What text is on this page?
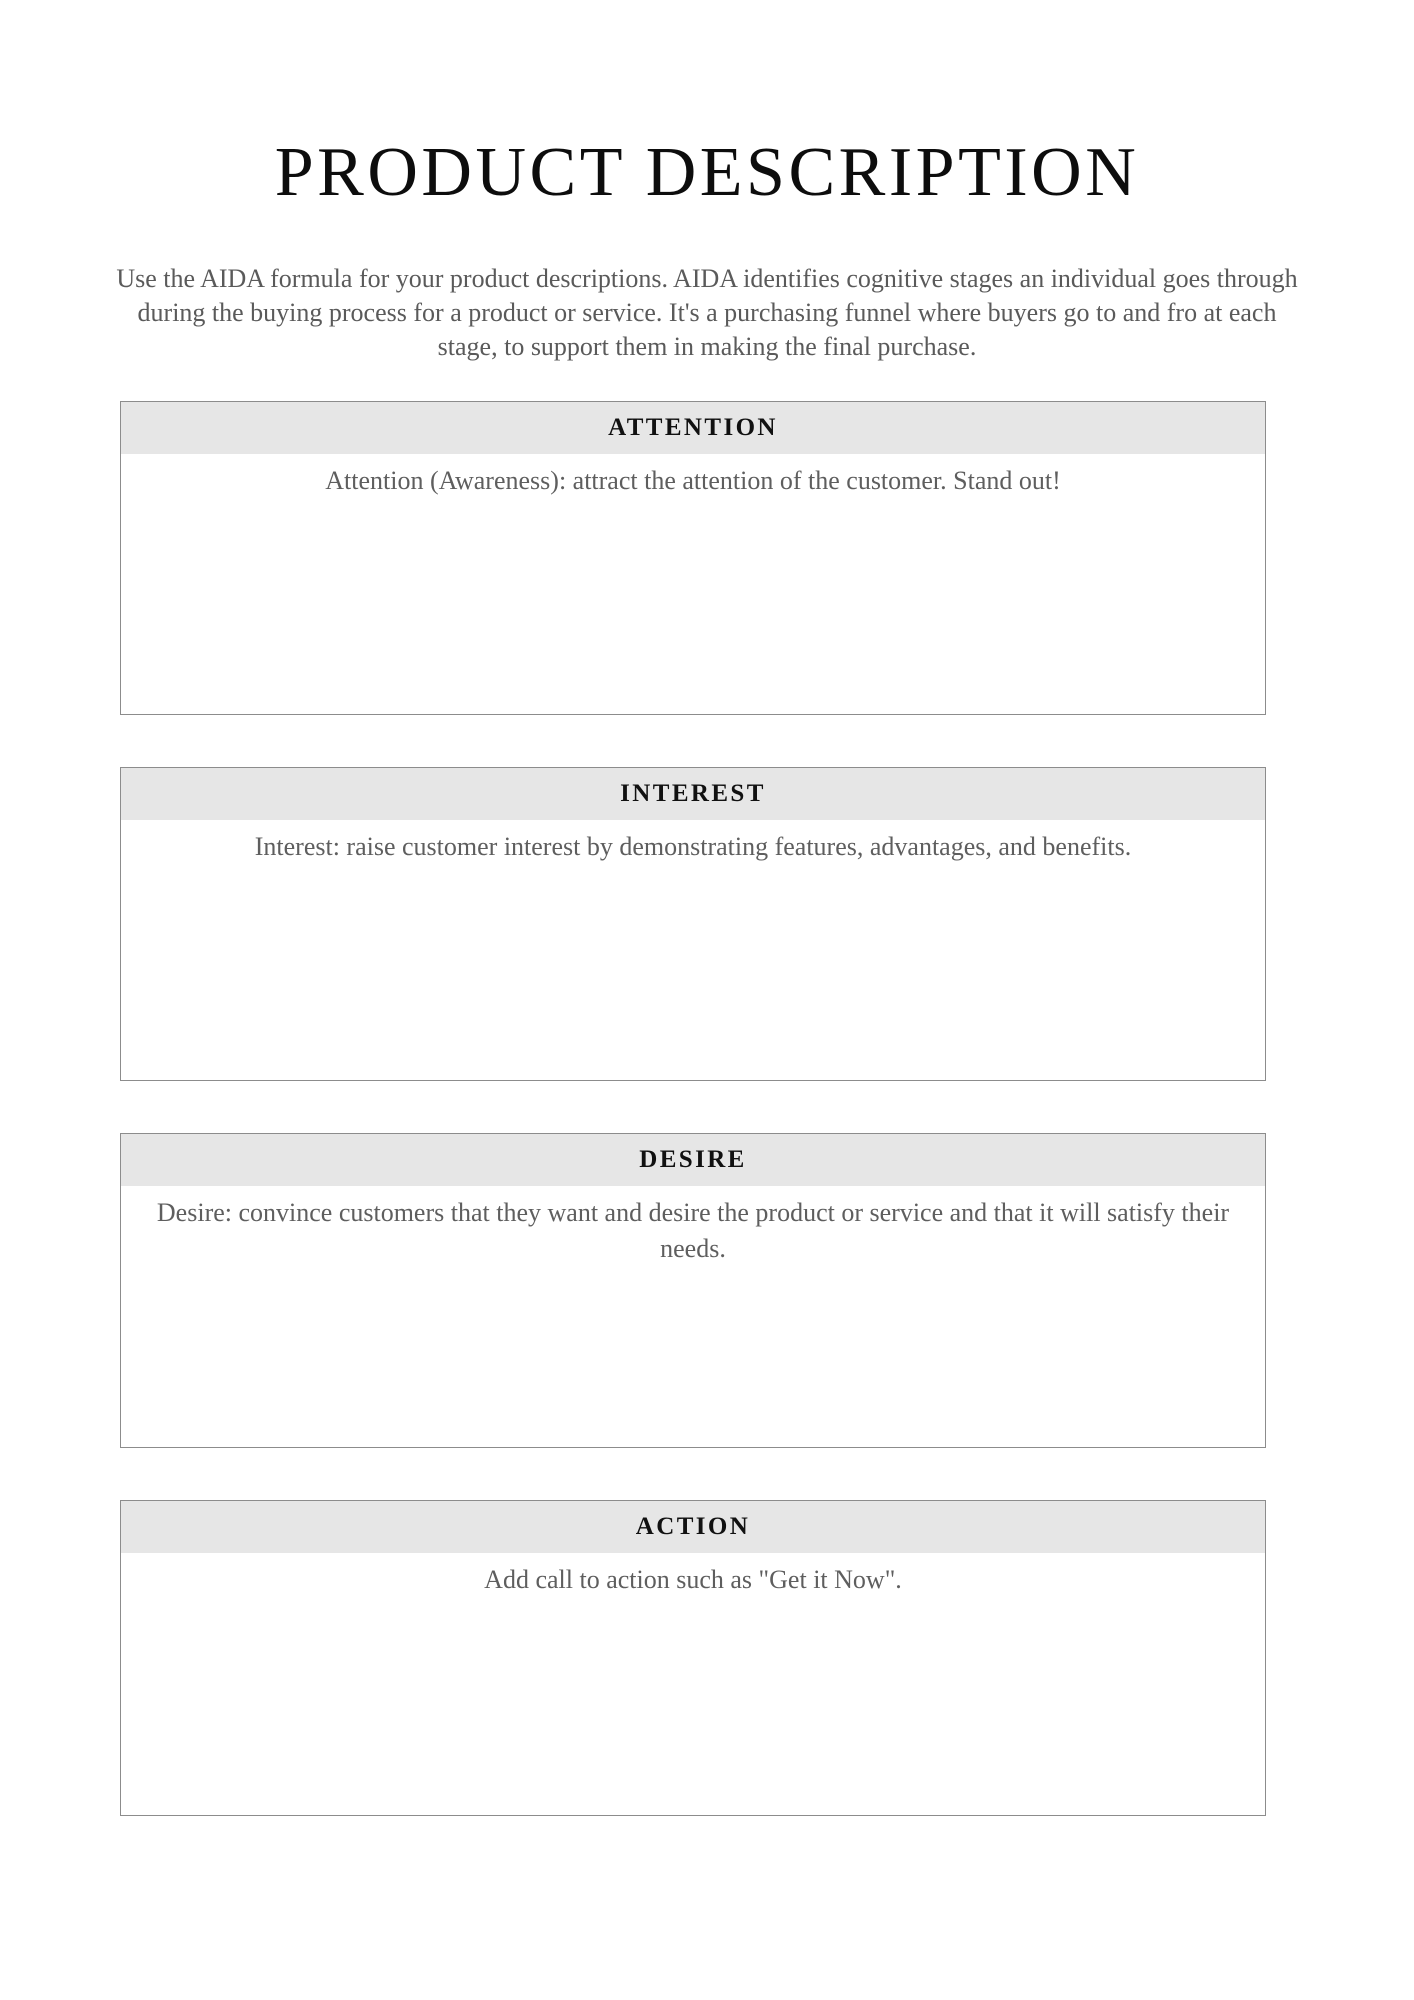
PRODUCT DESCRIPTION

Use the AIDA formula for your product descriptions. AIDA identifies cognitive stages an individual goes through during the buying process for a product or service. It's a purchasing funnel where buyers go to and fro at each stage, to support them in making the final purchase.

ATTENTION
Attention (Awareness): attract the attention of the customer. Stand out!
INTEREST
Interest: raise customer interest by demonstrating features, advantages, and benefits.
DESIRE
Desire: convince customers that they want and desire the product or service and that it will satisfy their needs.
ACTION
Add call to action such as "Get it Now".
